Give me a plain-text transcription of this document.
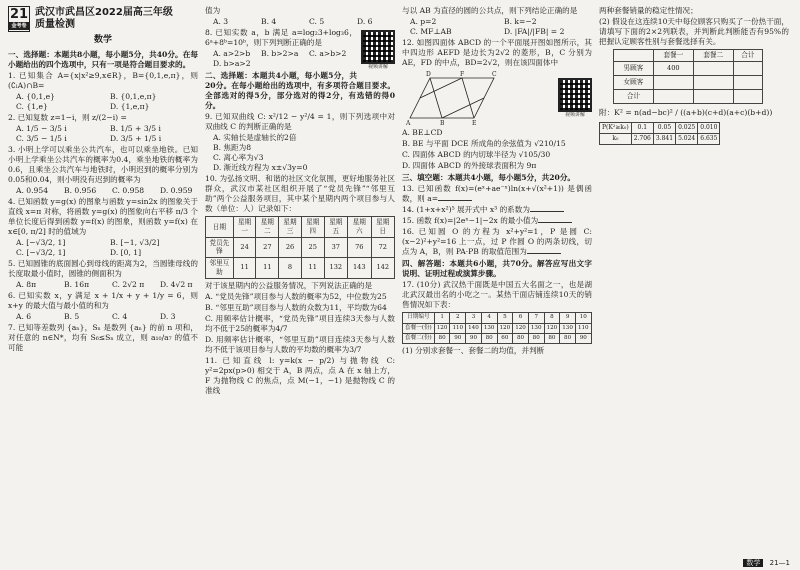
21
金考卷
武汉市武昌区2022届高三年级
质量检测
数学

一、选择题：本题共8小题，每小题5分，共40分。在每小题给出的四个选项中，只有一项是符合题目要求的。

1. 已知集合 A={x|x²≥9,x∈R}，B={0,1,e,π}，则(∁ₗA)∩B=

A. {0,1,e}	B. {0,1,e,π}
C. {1,e}	D. {1,e,π}

2. 已知复数 z=1−i，则 z/(2−i) =

A. 1/5 − 3/5 i	B. 1/5 + 3/5 i
C. 3/5 − 1/5 i	D. 3/5 + 1/5 i

3. 小明上学可以乘坐公共汽车，也可以乘坐地铁。已知小明上学乘坐公共汽车的概率为0.4，乘坐地铁的概率为0.6，且乘坐公共汽车与地铁时，小明迟到的概率分别为0.05和0.04，则小明没有迟到的概率为

A. 0.954	B. 0.956	C. 0.958	D. 0.959

4. 已知函数 y=g(x) 的图象与函数 y=sin2x 的图象关于直线 x=π 对称，将函数 y=g(x) 的图象向右平移 π/3 个单位长度后得到函数 y=f(x) 的图象，则函数 y=f(x) 在 x∈[0, π/2] 时的值域为

A. [−√3/2, 1]	B. [−1, √3/2]
C. [−√3/2, 1]	D. [0, 1]

5. 已知圆锥的底面圆心到母线的距离为2，当圆锥母线的长度取最小值时，圆锥的侧面积为

A. 8π	B. 16π	C. 2√2 π	D. 4√2 π

6. 已知实数 x，y 满足 x + 1/x + y + 1/y = 6，则 x+y 的最大值与最小值的和为

A. 6	B. 5	C. 4	D. 3

7. 已知等差数列 {aₙ}，Sₙ 是数列 {aₙ} 的前 n 项和，对任意的 n∈N*，均有 S₆≤Sₙ 成立，则 a₁₀/a₇ 的值不可能

值为

A. 3	B. 4	C. 5	D. 6
视频讲解

8. 已知实数 a，b 满足 a=log₂3+log₃6，6ᵃ+8ᵇ=10ᵇ，则下列判断正确的是

A. a>2>b B. b>2>a C. a>b>2
D. b>a>2

二、选择题：本题共4小题，每小题5分，共20分。在每小题给出的选项中，有多项符合题目要求。全部选对的得5分，部分选对的得2分，有选错的得0分。

9. 已知双曲线 C: x²/12 − y²/4 = 1，则下列选项中对双曲线 C 的判断正确的是

A. 实轴长是虚轴长的2倍
B. 焦距为8
C. 离心率为√3
D. 渐近线方程为 x±√3y=0

10. 为弘扬文明、和谐的社区文化氛围，更好地服务社区群众，武汉市某社区组织开展了“党员先锋”“邻里互助”两个公益服务项目，其中某个星期内两个项目参与人数（单位：人）记录如下：

日期	星期一	星期二	星期三	星期四	星期五	星期六	星期日
党员先锋	24	27	26	25	37	76	72
邻里互助	11	11	8	11	132	143	142

对于该星期内的公益服务情况，下列说法正确的是

A. “党员先锋”项目参与人数的概率为52，中位数为25

B. “邻里互助”项目参与人数的众数为11，平均数为64

C. 用频率估计概率，“党员先锋”项目连续3天参与人数均不低于25的概率为4/7

D. 用频率估计概率，“邻里互助”项目连续3天参与人数均不低于该项目参与人数的平均数的概率为3/7

11. 已知直线 l: y=k(x − p/2) 与抛物线 C: y²=2px(p>0) 相交于 A，B 两点，点 A 在 x 轴上方，F 为抛物线 C 的焦点，点 M(−1，−1) 是抛物线 C 的准线

与以 AB 为直径的圆的公共点，则下列结论正确的是

A. p=2	B. k=−2
C. MF⊥AB	D. |FA|/|FB| = 2

12. 如图四面体 ABCD 的一个平面展开图如图所示，其中四边形 AEFD 是边长为2√2 的菱形，B，C 分别为 AE，FD 的中点，BD=2√2，则在该四面体中

D	F	C
A	B	E
视频讲解

A. BE⊥CD

B. BE 与平面 DCE 所成角的余弦值为 √210/15

C. 四面体 ABCD 的内切球半径为 √105/30

D. 四面体 ABCD 的外接球表面积为 9π

三、填空题：本题共4小题，每小题5分，共20分。

13. 已知函数 f(x)=(eˣ+ae⁻ˣ)ln(x+√(x²+1)) 是偶函数，则 a=

14. (1+x+x²)⁵ 展开式中 x³ 的系数为

15. 函数 f(x)=|2eˣ−1|−2x 的最小值为

16. 已知圆 O 的方程为 x²+y²=1，P 是圆 C:(x−2)²+y²=16 上一点，过 P 作圆 O 的两条切线，切点为 A，B，则 PA·PB 的取值范围为

四、解答题：本题共6小题，共70分。解答应写出文字说明、证明过程或演算步骤。

17. (10分) 武汉热干面既是中国五大名面之一，也是湖北武汉最出名的小吃之一。某热干面店铺连续10天的销售情况如下表：

日期编号	1	2	3	4	5	6	7	8	9	10
套餐一(份)	120	110	140	130	120	120	130	120	130	110
套餐二(份)	80	90	90	80	60	80	80	80	80	90

(1) 分别求套餐一、套餐二的均值，并判断

两种套餐销量的稳定性情况；

(2) 假设在这连续10天中每位顾客只购买了一份热干面，请填写下面的2×2列联表，并判断此判断能否有95%的把握认定顾客性别与套餐选择有关。

	套餐一	套餐二	合计
男顾客	400		
女顾客			
合计			

附：K² = n(ad−bc)² / ((a+b)(c+d)(a+c)(b+d))

P(K²≥k₀)	0.1	0.05	0.025	0.010
k₀	2.706	3.841	5.024	6.635
数学 21—1
